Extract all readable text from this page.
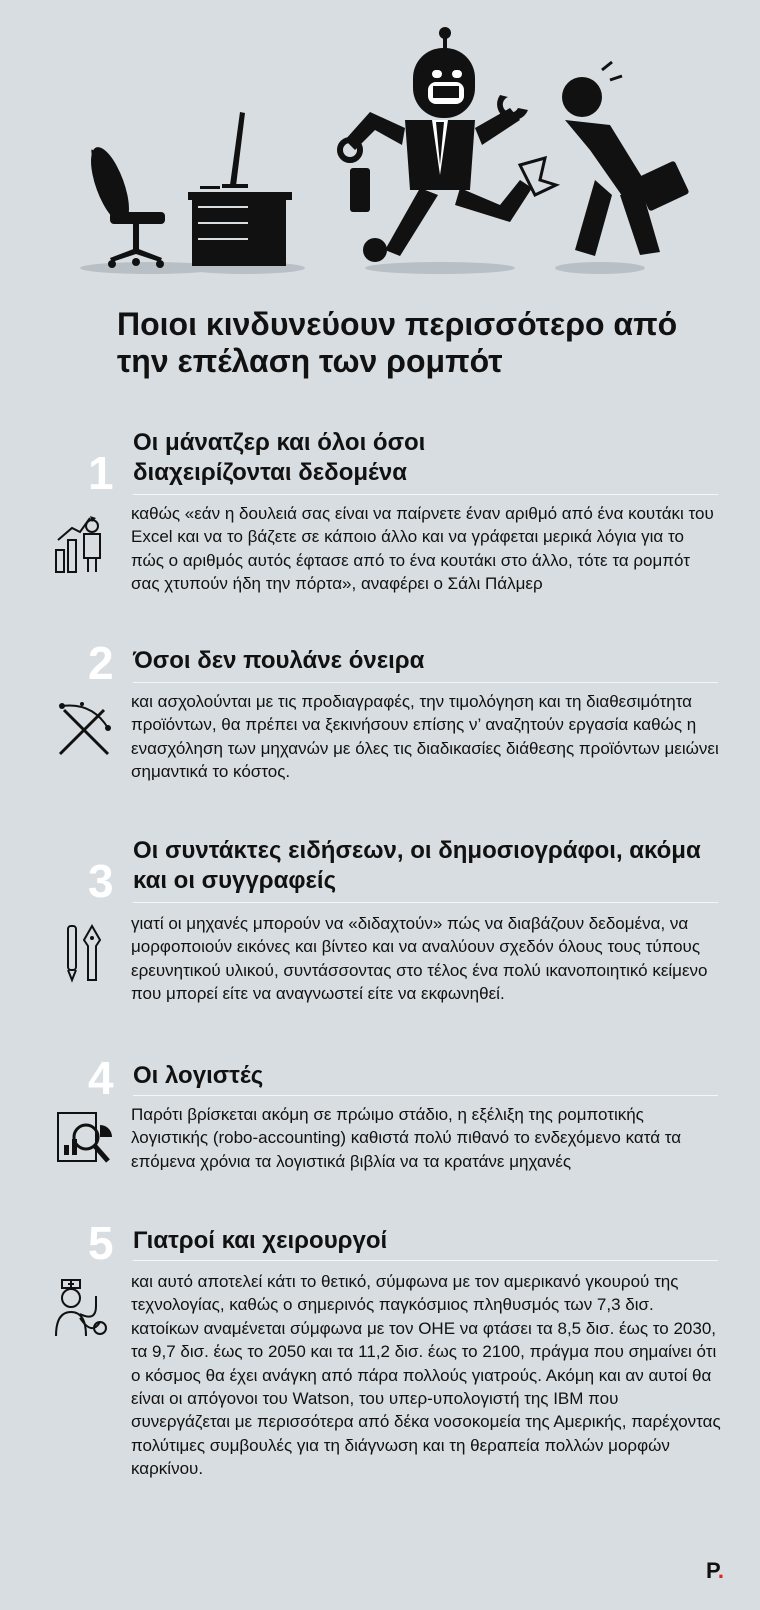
Ποιοι κινδυνεύουν περισσότερο από την επέλαση των ρομπότ
1
Οι μάνατζερ και όλοι όσοι διαχειρίζονται δεδομένα

καθώς «εάν η δουλειά σας είναι να παίρνετε έναν αριθμό από ένα κουτάκι του Excel και να το βάζετε σε κάποιο άλλο και να γράφεται μερικά λόγια για το πώς ο αριθμός αυτός έφτασε από το ένα κουτάκι στο άλλο, τότε τα ρομπότ σας χτυπούν ήδη την πόρτα», αναφέρει ο Σάλι Πάλμερ

2 Όσοι δεν πουλάνε όνειρα

και ασχολούνται με τις προδιαγραφές, την τιμολόγηση και τη διαθεσιμότητα προϊόντων, θα πρέπει να ξεκινήσουν επίσης ν’ αναζητούν εργασία καθώς η ενασχόληση των μηχανών με όλες τις διαδικασίες διάθεσης προϊόντων μειώνει σημαντικά το κόστος.

3
Οι συντάκτες ειδήσεων, οι δημοσιογράφοι, ακόμα και οι συγγραφείς

γιατί οι μηχανές μπορούν να «διδαχτούν» πώς να διαβάζουν δεδομένα, να μορφοποιούν εικόνες και βίντεο και να αναλύουν σχεδόν όλους τους τύπους ερευνητικού υλικού, συντάσσοντας στο τέλος ένα πολύ ικανοποιητικό κείμενο που μπορεί είτε να αναγνωστεί είτε να εκφωνηθεί.

4 Οι λογιστές

Παρότι βρίσκεται ακόμη σε πρώιμο στάδιο, η εξέλιξη της ρομποτικής λογιστικής (robo-accounting) καθιστά πολύ πιθανό το ενδεχόμενο κατά τα επόμενα χρόνια τα λογιστικά βιβλία να τα κρατάνε μηχανές

5 Γιατροί και χειρουργοί

και αυτό αποτελεί κάτι το θετικό, σύμφωνα με τον αμερικανό γκουρού της τεχνολογίας, καθώς ο σημερινός παγκόσμιος πληθυσμός των 7,3 δισ. κατοίκων αναμένεται σύμφωνα με τον ΟΗΕ να φτάσει τα 8,5 δισ. έως το 2030, τα 9,7 δισ. έως το 2050 και τα 11,2 δισ. έως το 2100, πράγμα που σημαίνει ότι ο κόσμος θα έχει ανάγκη από πάρα πολλούς γιατρούς. Ακόμη και αν αυτοί θα είναι οι απόγονοι του Watson, του υπερ-υπολογιστή της IBM που συνεργάζεται με περισσότερα από δέκα νοσοκομεία της Αμερικής, παρέχοντας πολύτιμες συμβουλές για τη διάγνωση και τη θεραπεία πολλών μορφών καρκίνου.

P.
